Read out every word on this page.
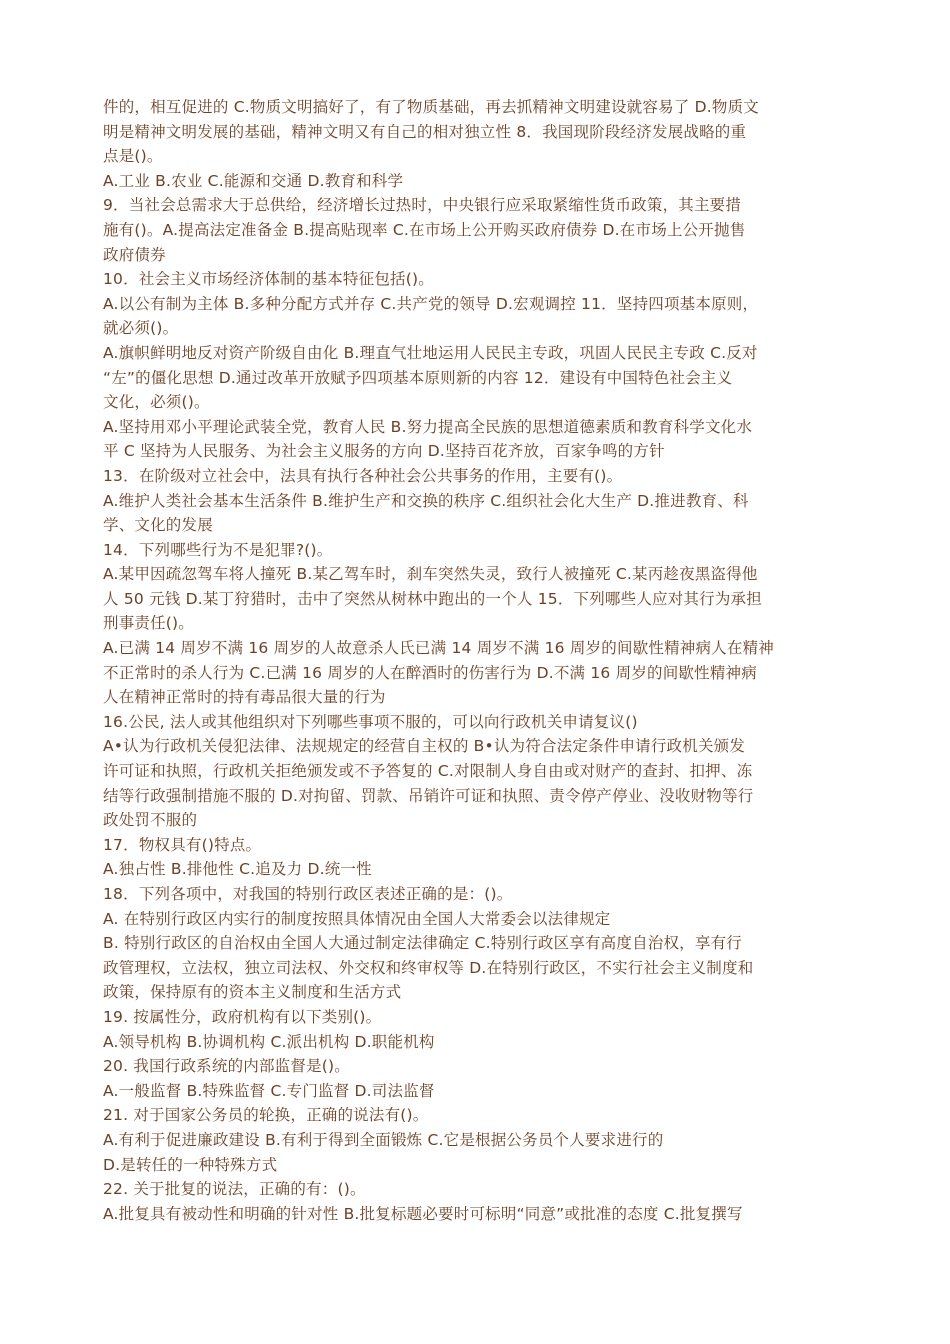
件的，相互促进的 C.物质文明搞好了，有了物质基础，再去抓精神文明建设就容易了 D.物质文
明是精神文明发展的基础，精神文明又有自己的相对独立性 8．我国现阶段经济发展战略的重
点是()。
A.工业 B.农业 C.能源和交通 D.教育和科学
9．当社会总需求大于总供给，经济增长过热时，中央银行应采取紧缩性货币政策，其主要措
施有()。A.提高法定准备金 B.提高贴现率 C.在市场上公开购买政府债券 D.在市场上公开抛售
政府债券
10．社会主义市场经济体制的基本特征包括()。
A.以公有制为主体 B.多种分配方式并存 C.共产党的领导 D.宏观调控 11．坚持四项基本原则，
就必须()。
A.旗帜鲜明地反对资产阶级自由化 B.理直气壮地运用人民民主专政，巩固人民民主专政 C.反对
“左”的僵化思想 D.通过改革开放赋予四项基本原则新的内容 12．建设有中国特色社会主义
文化，必须()。
A.坚持用邓小平理论武装全党，教育人民 B.努力提高全民族的思想道德素质和教育科学文化水
平 C 坚持为人民服务、为社会主义服务的方向 D.坚持百花齐放，百家争鸣的方针
13．在阶级对立社会中，法具有执行各种社会公共事务的作用，主要有()。
A.维护人类社会基本生活条件 B.维护生产和交换的秩序 C.组织社会化大生产 D.推进教育、科
学、文化的发展
14．下列哪些行为不是犯罪?()。
A.某甲因疏忽驾车将人撞死 B.某乙驾车时，刹车突然失灵，致行人被撞死 C.某丙趁夜黑盗得他
人 50 元钱 D.某丁狩猎时，击中了突然从树林中跑出的一个人 15．下列哪些人应对其行为承担
刑事责任()。
A.已满 14 周岁不满 16 周岁的人故意杀人氏已满 14 周岁不满 16 周岁的间歇性精神病人在精神
不正常时的杀人行为 C.已满 16 周岁的人在醉酒时的伤害行为 D.不满 16 周岁的间歇性精神病
人在精神正常时的持有毒品很大量的行为
16.公民, 法人或其他组织对下列哪些事项不服的，可以向行政机关申请复议()
A•认为行政机关侵犯法律、法规规定的经营自主权的 B•认为符合法定条件申请行政机关颁发
许可证和执照，行政机关拒绝颁发或不予答复的 C.对限制人身自由或对财产的查封、扣押、冻
结等行政强制措施不服的 D.对拘留、罚款、吊销许可证和执照、责令停产停业、没收财物等行
政处罚不服的
17．物权具有()特点。
A.独占性 B.排他性 C.追及力 D.统一性
18．下列各项中，对我国的特别行政区表述正确的是：()。
A. 在特别行政区内实行的制度按照具体情况由全国人大常委会以法律规定
B. 特别行政区的自治权由全国人大通过制定法律确定 C.特别行政区享有高度自治权，享有行
政管理权，立法权，独立司法权、外交权和终审权等 D.在特别行政区，不实行社会主义制度和
政策，保持原有的资本主义制度和生活方式
19. 按属性分，政府机构有以下类别()。
A.领导机构 B.协调机构 C.派出机构 D.职能机构
20. 我国行政系统的内部监督是()。
A.一般监督 B.特殊监督 C.专门监督 D.司法监督
21. 对于国家公务员的轮换，正确的说法有()。
A.有利于促进廉政建设 B.有利于得到全面锻炼 C.它是根据公务员个人要求进行的
D.是转任的一种特殊方式
22. 关于批复的说法，正确的有：()。
A.批复具有被动性和明确的针对性 B.批复标题必要时可标明“同意”或批准的态度 C.批复撰写
